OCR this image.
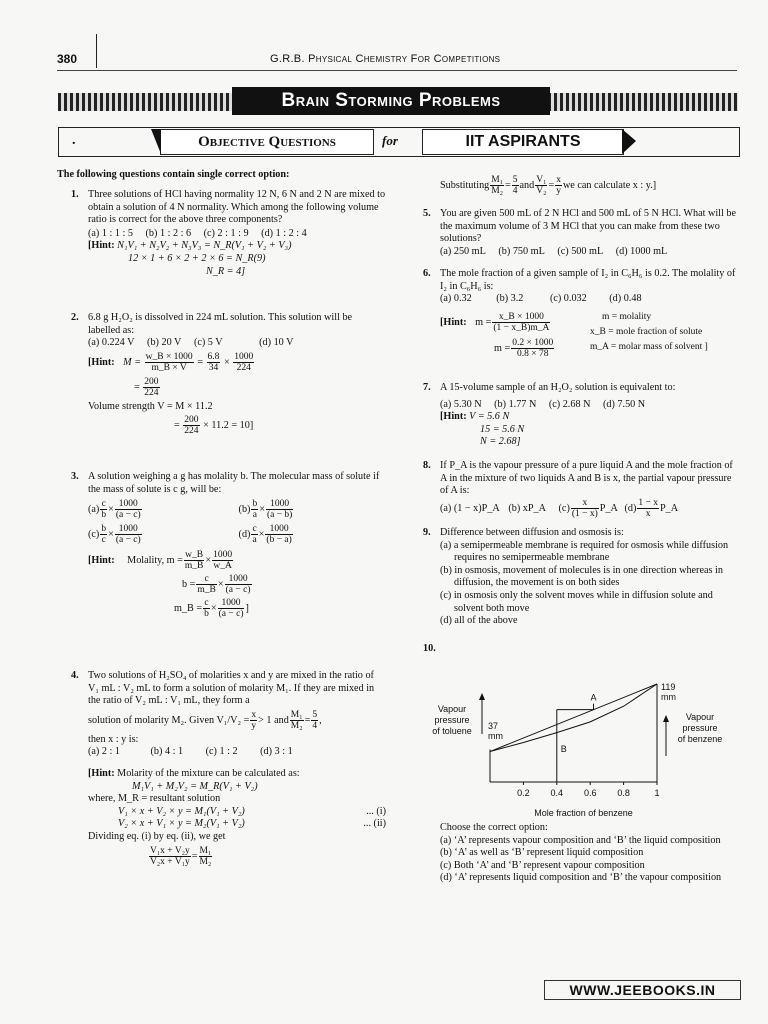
380	G.R.B. Physical Chemistry For Competitions
Brain Storming Problems
.	Objective Questions	for	IIT ASPIRANTS
The following questions contain single correct option:
1. Three solutions of HCl having normality 12 N, 6 N and 2 N are mixed to obtain a solution of 4 N normality. Which among the following volume ratio is correct for the above three components?
(a) 1 : 1 : 5 (b) 1 : 2 : 6 (c) 2 : 1 : 9 (d) 1 : 2 : 4
[Hint: N₁V₁ + N₂V₂ + N₃V₃ = N_R(V₁ + V₂ + V₃)
12 × 1 + 6 × 2 + 2 × 6 = N_R(9)
N_R = 4]
2. 6.8 g H₂O₂ is dissolved in 224 mL solution. This solution will be labelled as:
(a) 0.224 V (b) 20 V (c) 5 V	(d) 10 V
[Hint: $M = \frac{w\_B \times 1000}{m\_B \times V} = \frac{6.8}{34} \times \frac{1000}{224}$
= $\frac{200}{224}$
Volume strength V = M × 11.2
= $\frac{200}{224} \times 11.2 = 10$]
3. A solution weighing a g has molality b. The molecular mass of solute if the mass of solute is c g, will be:
$(a) \frac{c}{b} \times \frac{1000}{(a - c)}$	$(b) \frac{b}{a} \times \frac{1000}{(a - b)}$
$(c) \frac{b}{c} \times \frac{1000}{(a - c)}$	$(d) \frac{c}{a} \times \frac{1000}{(b - a)}$
[Hint: Molality, $m = \frac{w\_B}{m\_B} \times \frac{1000}{w\_A}$
$b = \frac{c}{m\_B} \times \frac{1000}{(a - c)}$
m_B = $\frac{c}{b} \times \frac{1000}{(a - c)}$ ]
4. Two solutions of H₂SO₄ of molarities x and y are mixed in the ratio of V₁ mL : V₂ mL to form a solution of molarity M₁. If they are mixed in the ratio of V₂ mL : V₁ mL, they form a
solution of molarity M₂. Given $V_1/V_2 = \frac{x}{y} > 1$ and $\frac{\text{M₁}}{\text{M₂}} = \frac{5}{4}$ ,
then x : y is:
(a) 2 : 1	(b) 4 : 1 (c) 1 : 2 (d) 3 : 1
[Hint: Molarity of the mixture can be calculated as:
M₁V₁ + M₂V₂ = M_R(V₁ + V₂)
where, M_R = resultant solution
V₁ × x + V₂ × y = M₁(V₁ + V₂)	... (i)
V₂ × x + V₁ × y = M₂(V₁ + V₂)	... (ii)
Dividing eq. (i) by eq. (ii), we get
$\frac{\text{V₁x + V₂y}}{\text{V₂x + V₁y}} = \frac{\text{M₁}}{\text{M₂}}$
Substituting $\frac{\text{M₁}}{\text{M₂}} = \frac{5}{4}$ and $\frac{\text{V₁}}{\text{V₂}} = \frac{x}{y}$ we can calculate x : y.]
5. You are given 500 mL of 2 N HCl and 500 mL of 5 N HCl. What will be the maximum volume of 3 M HCl that you can make from these two solutions?
(a) 250 mL (b) 750 mL (c) 500 mL (d) 1000 mL
6. The mole fraction of a given sample of I₂ in C₆H₆ is 0.2. The molality of I₂ in C₆H₆ is:
(a) 0.32 (b) 3.2	(c) 0.032 (d) 0.48
[Hint: $m = \frac{x\_B \times 1000}{(1 - x\_B)m\_A}$
$m = \frac{0.2 \times 1000}{0.8 \times 78}$
m = molality
x_B = mole fraction of solute
m_A = molar mass of solvent ]
7. A 15-volume sample of an H₂O₂ solution is equivalent to:
(a) 5.30 N (b) 1.77 N (c) 2.68 N (d) 7.50 N
[Hint: V = 5.6 N
15 = 5.6 N
N = 2.68]
8. If P_A is the vapour pressure of a pure liquid A and the mole fraction of A in the mixture of two liquids A and B is x, the partial vapour pressure of A is:
(a) (1 − x)P_A (b) xP_A $(c) \frac{x}{(1 - x)}$ P_A $(d) \frac{1 - x}{x}$ P_A
9. Difference between diffusion and osmosis is:
(a) a semipermeable membrane is required for osmosis while diffusion requires no semipermeable membrane
(b) in osmosis, movement of molecules is in one direction whereas in diffusion, the movement is on both sides
(c) in osmosis only the solvent moves while in diffusion solute and solvent both move
(d) all of the above
10.
A
B
0.2 0.4 0.6 0.8	1
Mole fraction of benzene
Vapour
pressure
of toluene 37
mm
119
mm
Vapour
pressure
of benzene
Choose the correct option:
(a) ‘A’ represents vapour composition and ‘B’ the liquid composition
(b) ‘A’ as well as ‘B’ represent liquid composition
(c) Both ‘A’ and ‘B’ represent vapour composition
(d) ‘A’ represents liquid composition and ‘B’ the vapour composition
WWW.JEEBOOKS.IN
